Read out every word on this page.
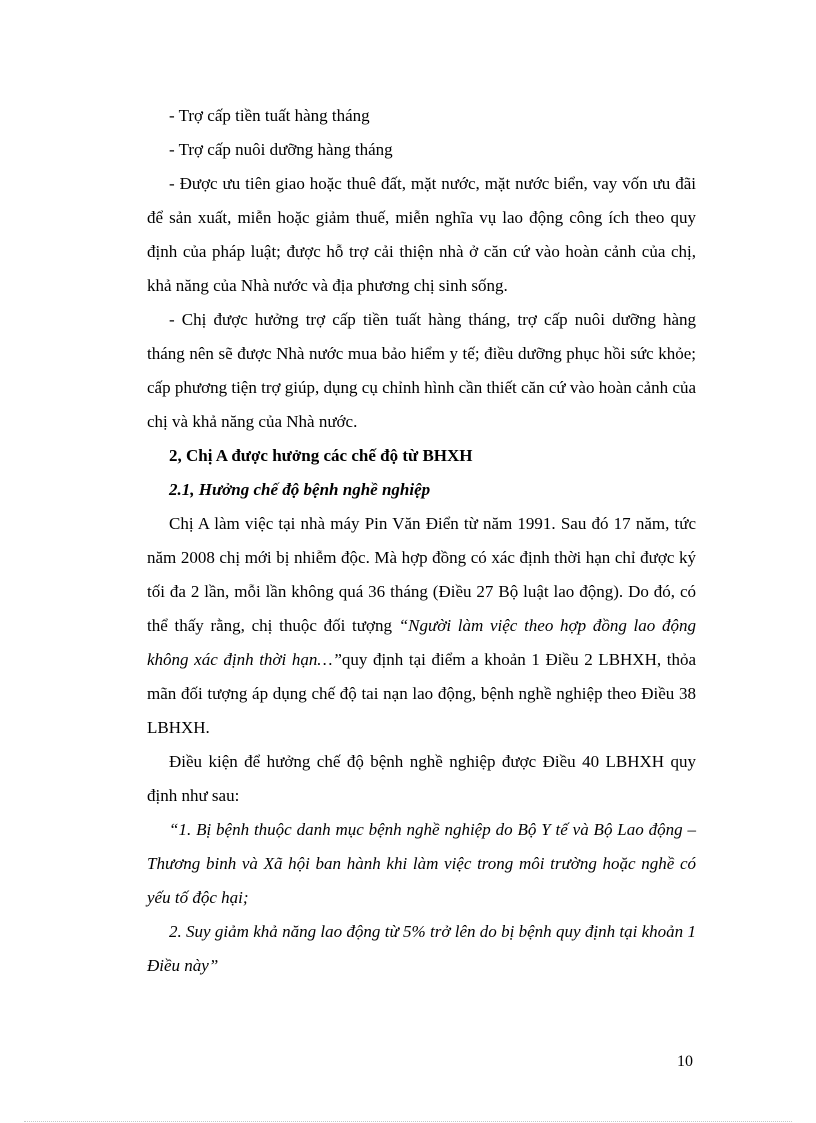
- Trợ cấp tiền tuất hàng tháng

- Trợ cấp nuôi dưỡng hàng tháng

- Được ưu tiên giao hoặc thuê đất, mặt nước, mặt nước biển, vay vốn ưu đãi để sản xuất, miễn hoặc giảm thuế, miễn nghĩa vụ lao động công ích theo quy định của pháp luật; được hỗ trợ cải thiện nhà ở căn cứ vào hoàn cảnh của chị, khả năng của Nhà nước và địa phương chị sinh sống.

- Chị được hưởng trợ cấp tiền tuất hàng tháng, trợ cấp nuôi dưỡng hàng tháng nên sẽ được Nhà nước mua bảo hiểm y tế; điều dưỡng phục hồi sức khỏe; cấp phương tiện trợ giúp, dụng cụ chỉnh hình cần thiết căn cứ vào hoàn cảnh của chị và khả năng của Nhà nước.

2, Chị A được hưởng các chế độ từ BHXH

2.1, Hưởng chế độ bệnh nghề nghiệp

Chị A làm việc tại nhà máy Pin Văn Điển từ năm 1991. Sau đó 17 năm, tức năm 2008 chị mới bị nhiễm độc. Mà hợp đồng có xác định thời hạn chỉ được ký tối đa 2 lần, mỗi lần không quá 36 tháng (Điều 27 Bộ luật lao động). Do đó, có thể thấy rằng, chị thuộc đối tượng “Người làm việc theo hợp đồng lao động không xác định thời hạn…”quy định tại điểm a khoản 1 Điều 2 LBHXH, thỏa mãn đối tượng áp dụng chế độ tai nạn lao động, bệnh nghề nghiệp theo Điều 38 LBHXH.

Điều kiện để hưởng chế độ bệnh nghề nghiệp được Điều 40 LBHXH quy định như sau:

“1. Bị bệnh thuộc danh mục bệnh nghề nghiệp do Bộ Y tế và Bộ Lao động – Thương binh và Xã hội ban hành khi làm việc trong môi trường hoặc nghề có yếu tố độc hại;

2. Suy giảm khả năng lao động từ 5% trở lên do bị bệnh quy định tại khoản 1 Điều này”

10
